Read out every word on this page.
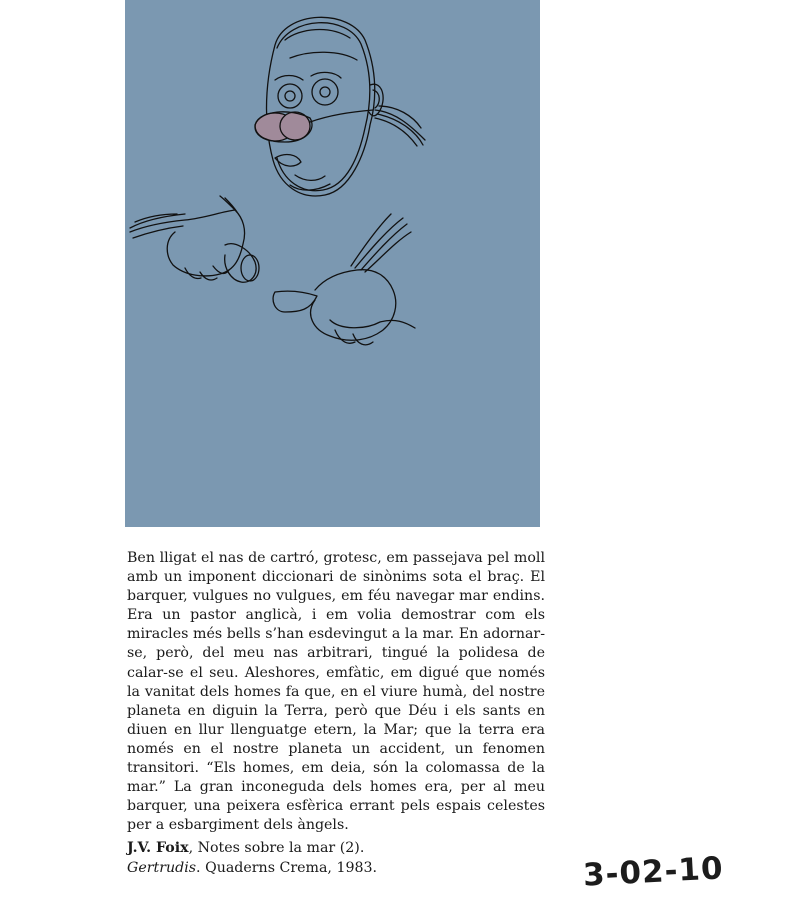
Ben lligat el nas de cartró, grotesc, em passejava pel moll amb un imponent diccionari de sinònims sota el braç. El barquer, vulgues no vulgues, em féu navegar mar endins. Era un pastor anglicà, i em volia demostrar com els miracles més bells s’han esdevingut a la mar. En adornar-se, però, del meu nas arbitrari, tingué la polidesa de calar-se el seu. Aleshores, emfàtic, em digué que només la vanitat dels homes fa que, en el viure humà, del nostre planeta en diguin la Terra, però que Déu i els sants en diuen en llur llenguatge etern, la Mar; que la terra era només en el nostre planeta un accident, un fenomen transitori. “Els homes, em deia, són la colomassa de la mar.” La gran inconeguda dels homes era, per al meu barquer, una peixera esfèrica errant pels espais celestes per a esbargiment dels àngels.

J.V. Foix, Notes sobre la mar (2).
Gertrudis. Quaderns Crema, 1983.	3-02-10
